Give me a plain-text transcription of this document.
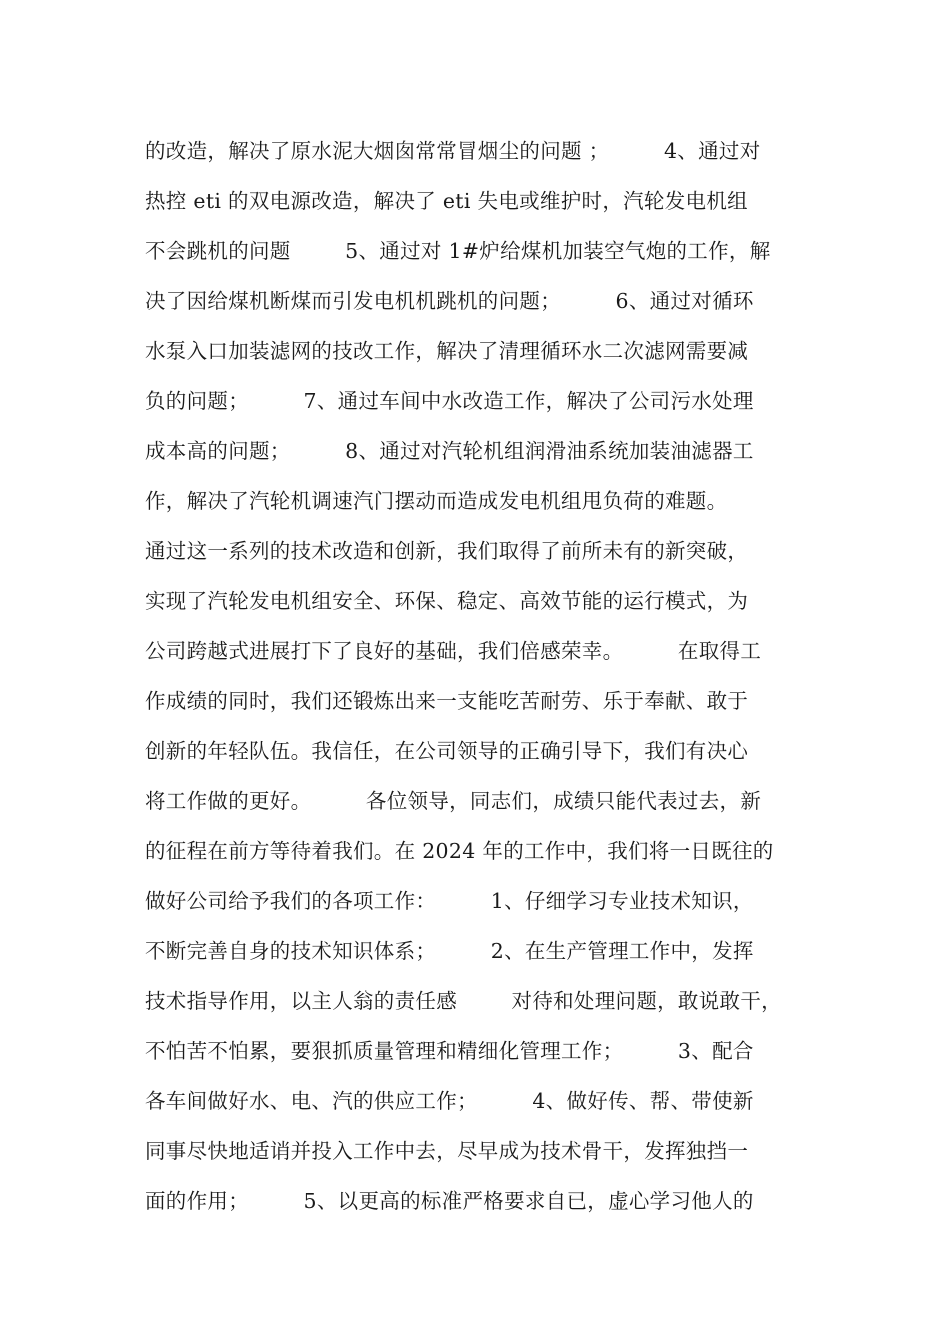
的改造，解决了原水泥大烟囱常常冒烟尘的问题 ；        4、通过对
热控 eti 的双电源改造，解决了 eti 失电或维护时，汽轮发电机组
不会跳机的问题        5、通过对 1#炉给煤机加装空气炮的工作，解
决了因给煤机断煤而引发电机机跳机的问题；        6、通过对循环
水泵入口加装滤网的技改工作，解决了清理循环水二次滤网需要减
负的问题；        7、通过车间中水改造工作，解决了公司污水处理
成本高的问题；        8、通过对汽轮机组润滑油系统加装油滤器工
作，解决了汽轮机调速汽门摆动而造成发电机组甩负荷的难题。
通过这一系列的技术改造和创新，我们取得了前所未有的新突破，
实现了汽轮发电机组安全、环保、稳定、高效节能的运行模式，为
公司跨越式进展打下了良好的基础，我们倍感荣幸。        在取得工
作成绩的同时，我们还锻炼出来一支能吃苦耐劳、乐于奉献、敢于
创新的年轻队伍。我信任，在公司领导的正确引导下，我们有决心
将工作做的更好。        各位领导，同志们，成绩只能代表过去，新
的征程在前方等待着我们。在 2024 年的工作中，我们将一日既往的
做好公司给予我们的各项工作：        1、仔细学习专业技术知识，
不断完善自身的技术知识体系；        2、在生产管理工作中，发挥
技术指导作用，以主人翁的责任感        对待和处理问题，敢说敢干，
不怕苦不怕累，要狠抓质量管理和精细化管理工作；        3、配合
各车间做好水、电、汽的供应工作；        4、做好传、帮、带使新
同事尽快地适诮并投入工作中去，尽早成为技术骨干，发挥独挡一
面的作用；        5、以更高的标准严格要求自已，虚心学习他人的
